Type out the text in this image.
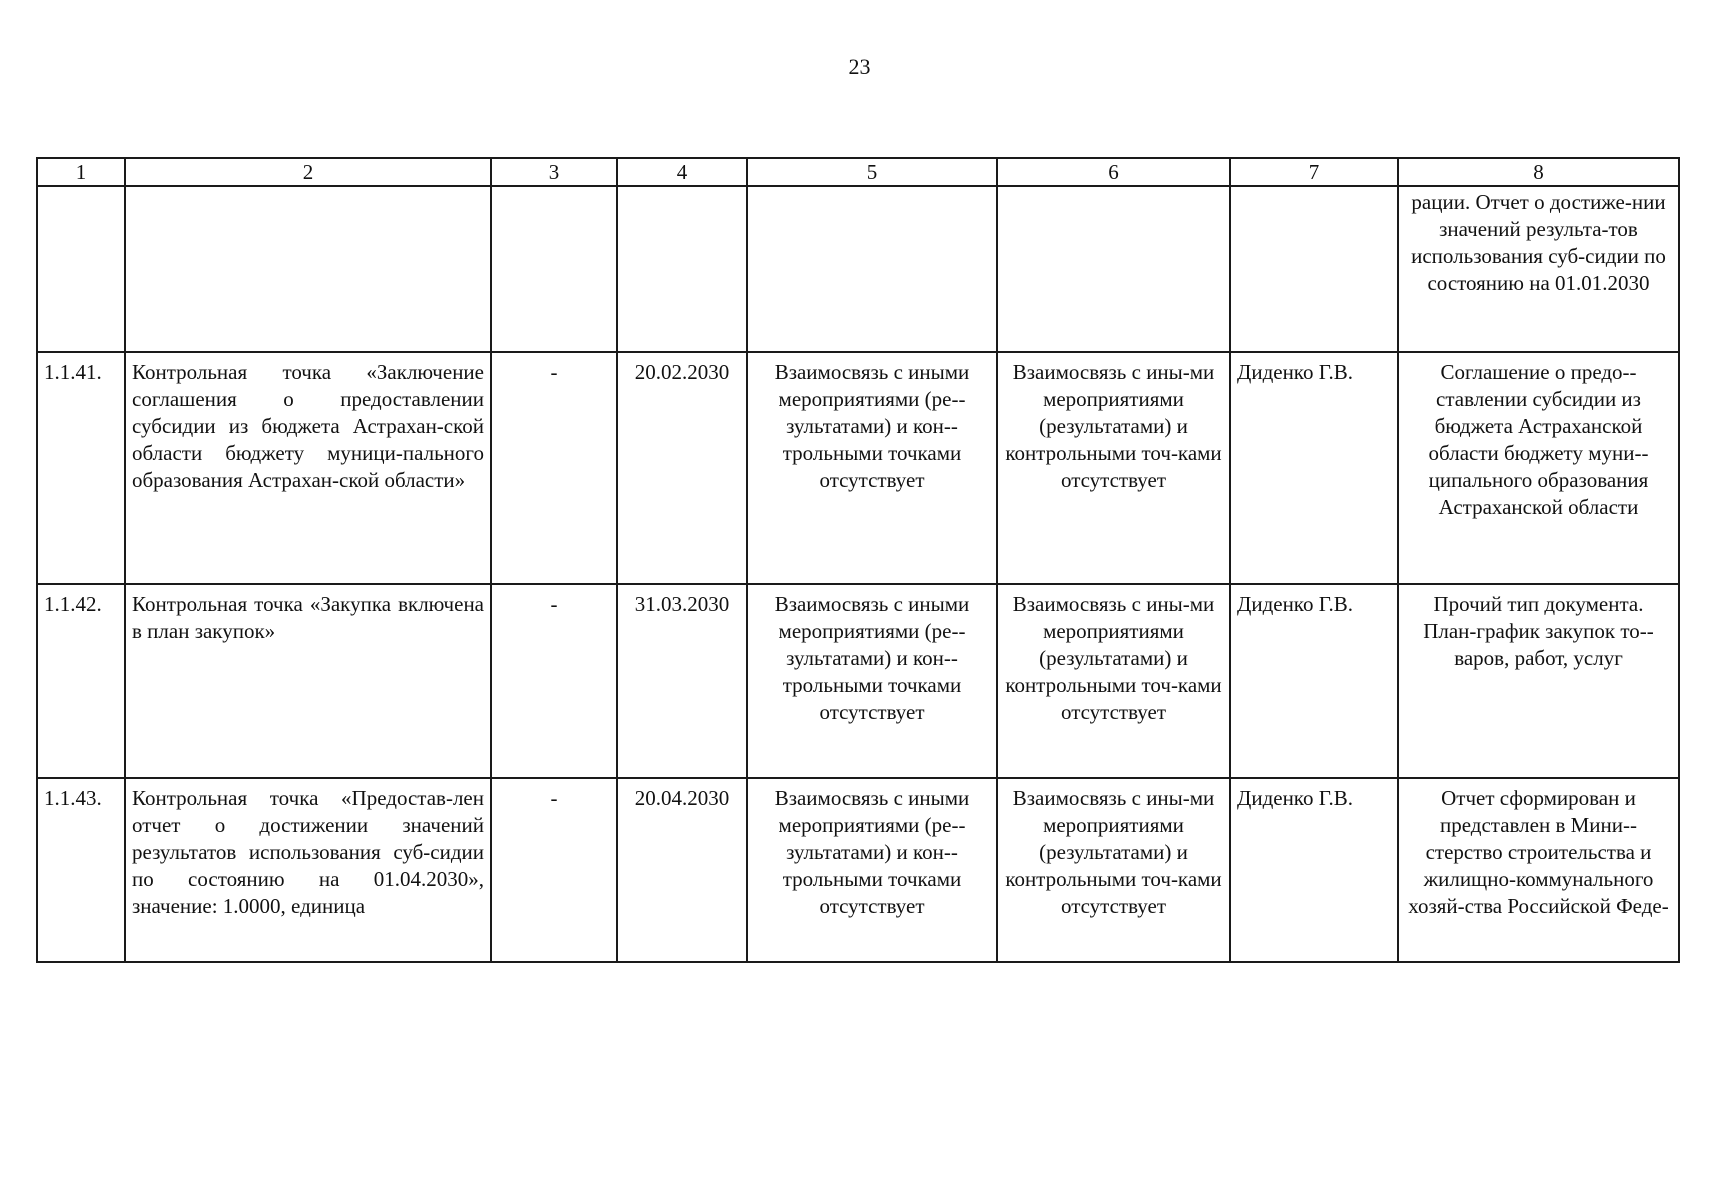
23
1	2	3	4	5	6	7	8
							рации. Отчет о достиже-нии значений результа-тов использования суб-сидии по состоянию на 01.01.2030
1.1.41.	Контрольная точка «Заключение соглашения о предоставлении субсидии из бюджета Астрахан-ской области бюджету муници-пального образования Астрахан-ской области»	-	20.02.2030	Взаимосвязь с иными мероприятиями (ре-зультатами) и кон-трольными точками отсутствует	Взаимосвязь с ины-ми мероприятиями (результатами) и контрольными точ-ками отсутствует	Диденко Г.В.	Соглашение о предо-ставлении субсидии из бюджета Астраханской области бюджету муни-ципального образования Астраханской области
1.1.42.	Контрольная точка «Закупка включена в план закупок»	-	31.03.2030	Взаимосвязь с иными мероприятиями (ре-зультатами) и кон-трольными точками отсутствует	Взаимосвязь с ины-ми мероприятиями (результатами) и контрольными точ-ками отсутствует	Диденко Г.В.	Прочий тип документа. План-график закупок то-варов, работ, услуг
1.1.43.	Контрольная точка «Предостав-лен отчет о достижении значений результатов использования суб-сидии по состоянию на 01.04.2030», значение: 1.0000, единица	-	20.04.2030	Взаимосвязь с иными мероприятиями (ре-зультатами) и кон-трольными точками отсутствует	Взаимосвязь с ины-ми мероприятиями (результатами) и контрольными точ-ками отсутствует	Диденко Г.В.	Отчет сформирован и представлен в Мини-стерство строительства и жилищно-коммунального хозяй-ства Российской Феде-
